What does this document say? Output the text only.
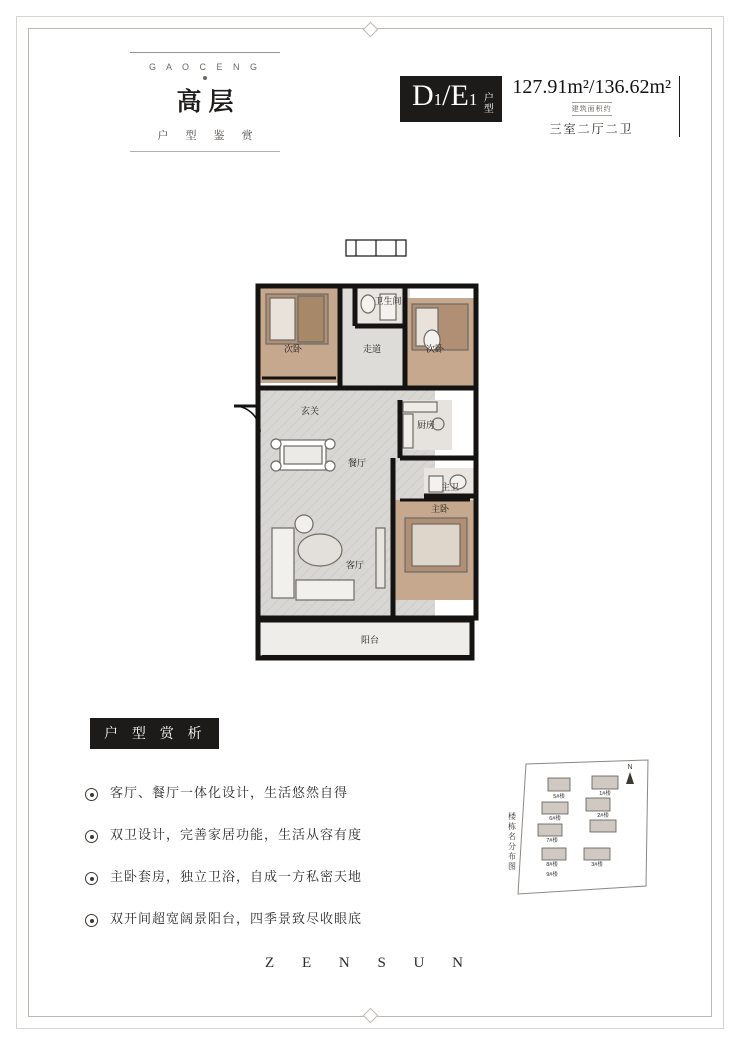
G A O C E N G
高层
户 型 鉴 赏
D1/E1 户型
127.91m²/136.62m²
建筑面积约
三室二厅二卫
次卧
卫生间
走道	次卧
玄关
厨房
餐厅
主卫
主卧
客厅
阳台
户 型 赏 析
客厅、餐厅一体化设计，生活悠然自得
双卫设计，完善家居功能，生活从容有度
主卧套房，独立卫浴，自成一方私密天地
双开间超宽阔景阳台，四季景致尽收眼底
楼栋名分布图
N
5#楼
6#楼
1#楼
7#楼
2#楼
8#楼
9#楼
3#楼
Z E N S U N
